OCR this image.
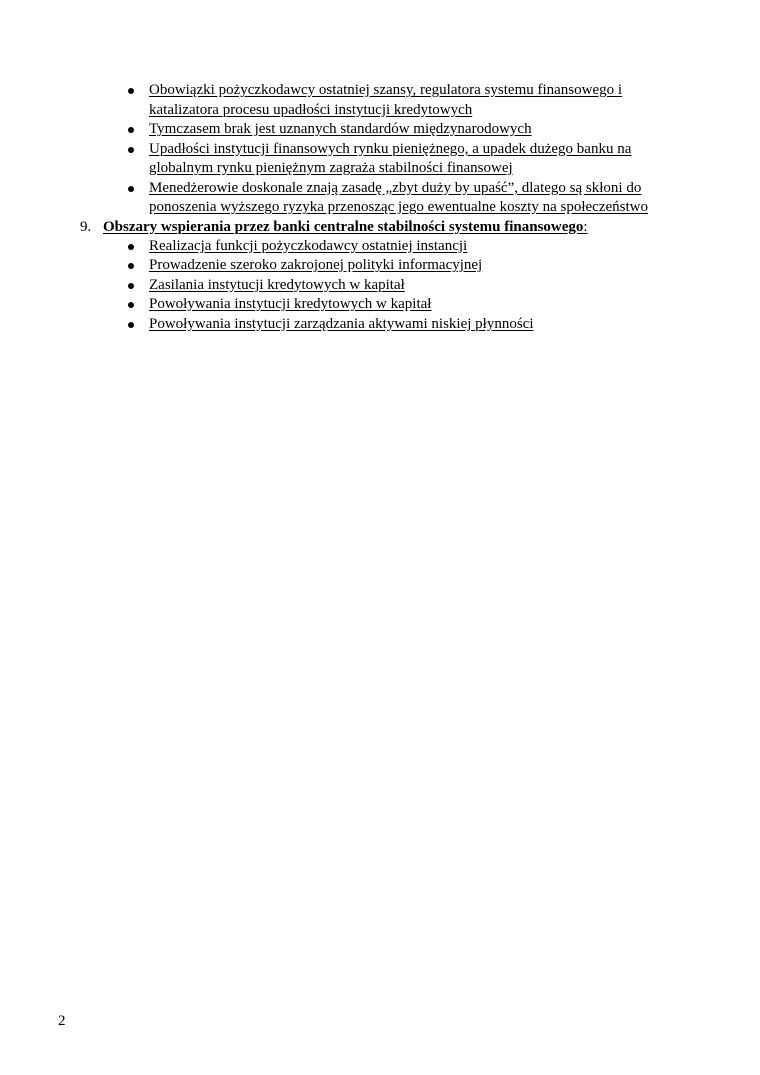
Obowiązki pożyczkodawcy ostatniej szansy, regulatora systemu finansowego i katalizatora procesu upadłości instytucji kredytowych
Tymczasem brak jest uznanych standardów międzynarodowych
Upadłości instytucji finansowych rynku pieniężnego, a upadek dużego banku na globalnym rynku pieniężnym zagraża stabilności finansowej
Menedżerowie doskonale znają zasadę „zbyt duży by upaść”, dlatego są skłoni do ponoszenia wyższego ryzyka przenosząc jego ewentualne koszty na społeczeństwo
9. Obszary wspierania przez banki centralne stabilności systemu finansowego:
Realizacja funkcji pożyczkodawcy ostatniej instancji
Prowadzenie szeroko zakrojonej polityki informacyjnej
Zasilania instytucji kredytowych w kapitał
Powoływania instytucji kredytowych w kapitał
Powoływania instytucji zarządzania aktywami niskiej płynności
2
